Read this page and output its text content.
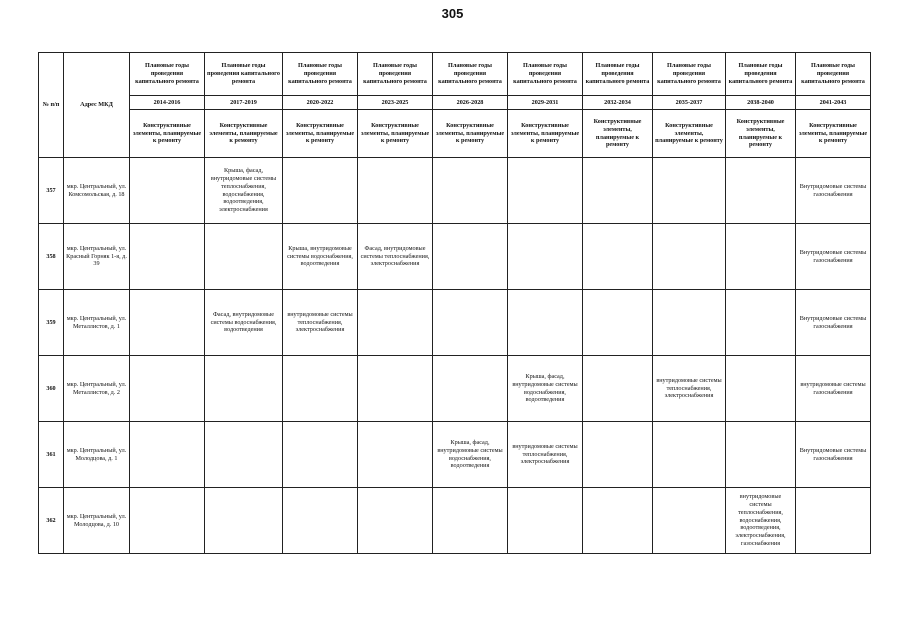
305
№ п/п	Адрес МКД	Плановые годы проведения капитального ремонта	Плановые годы проведения капитального ремонта	Плановые годы проведения капитального ремонта	Плановые годы проведения капитального ремонта	Плановые годы проведения капитального ремонта	Плановые годы проведения капитального ремонта	Плановые годы проведения капитального ремонта	Плановые годы проведения капитального ремонта	Плановые годы проведения капитального ремонта	Плановые годы проведения капитального ремонта
		2014-2016	2017-2019	2020-2022	2023-2025	2026-2028	2029-2031	2032-2034	2035-2037	2038-2040	2041-2043
		Конструктивные элементы, планируемые к ремонту	Конструктивные элементы, планируемые к ремонту	Конструктивные элементы, планируемые к ремонту	Конструктивные элементы, планируемые к ремонту	Конструктивные элементы, планируемые к ремонту	Конструктивные элементы, планируемые к ремонту	Конструктивные элементы, планируемые к ремонту	Конструктивные элементы, планируемые к ремонту	Конструктивные элементы, планируемые к ремонту	Конструктивные элементы, планируемые к ремонту
357	мкр. Центральный, ул. Комсомольская, д. 18		Крыша, фасад, внутридомовые системы теплоснабжения, водоснабжения, водоотведения, электроснабжения								Внутридомовые системы газоснабжения
358	мкр. Центральный, ул. Красный Горняк 1-я, д. 39			Крыша, внутридомовые системы водоснабжения, водоотведения	Фасад, внутридомовые системы теплоснабжения, электроснабжения						Внутридомовые системы газоснабжения
359	мкр. Центральный, ул. Металлистов, д. 1		Фасад, внутридомовые системы водоснабжения, водоотведения	внутридомовые системы теплоснабжения, электроснабжения							Внутридомовые системы газоснабжения
360	мкр. Центральный, ул. Металлистов, д. 2						Крыша, фасад, внутридомовые системы водоснабжения, водоотведения		внутридомовые системы теплоснабжения, электроснабжения		внутридомовые системы газоснабжения
361	мкр. Центральный, ул. Молодцова, д. 1					Крыша, фасад, внутридомовые системы водоснабжения, водоотведения	внутридомовые системы теплоснабжения, электроснабжения				Внутридомовые системы газоснабжения
362	мкр. Центральный, ул. Молодцова, д. 10									внутридомовые системы теплоснабжения, водоснабжения, водоотведения, электроснабжения, газоснабжения	
